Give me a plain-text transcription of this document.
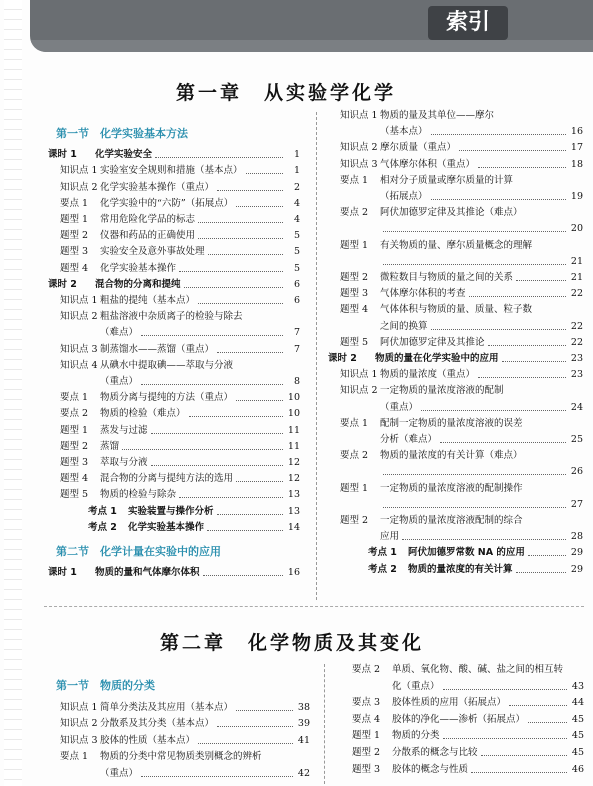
索引
第一章　从实验学化学
第二章　化学物质及其变化
第一节　化学实验基本方法
课时 1	化学实验安全	1
知识点 1 实验室安全规则和措施（基本点）	1
知识点 2 化学实验基本操作（重点）	2
要点 1	化学实验中的“六防”（拓展点）	4
题型 1	常用危险化学品的标志	4
题型 2	仪器和药品的正确使用	5
题型 3	实验安全及意外事故处理	5
题型 4	化学实验基本操作	5
课时 2	混合物的分离和提纯	6
知识点 1 粗盐的提纯（基本点）	6
知识点 2 粗盐溶液中杂质离子的检验与除去
（难点）	7
知识点 3 制蒸馏水——蒸馏（重点）	7
知识点 4 从碘水中提取碘——萃取与分液
（重点）	8
要点 1	物质分离与提纯的方法（重点）	10
要点 2	物质的检验（难点）	10
题型 1	蒸发与过滤	11
题型 2	蒸馏	11
题型 3	萃取与分液	12
题型 4	混合物的分离与提纯方法的选用	12
题型 5	物质的检验与除杂	13
考点 1	实验装置与操作分析	13
考点 2	化学实验基本操作	14
第二节　化学计量在实验中的应用
课时 1	物质的量和气体摩尔体积	16
知识点 1 物质的量及其单位——摩尔
（基本点）	16
知识点 2 摩尔质量（重点）	17
知识点 3 气体摩尔体积（重点）	18
要点 1	相对分子质量或摩尔质量的计算
（拓展点）	19
要点 2	阿伏加德罗定律及其推论（难点）
20
题型 1	有关物质的量、摩尔质量概念的理解
21
题型 2	微粒数目与物质的量之间的关系	21
题型 3	气体摩尔体积的考查	22
题型 4	气体体积与物质的量、质量、粒子数
之间的换算	22
题型 5	阿伏加德罗定律及其推论	22
课时 2	物质的量在化学实验中的应用	23
知识点 1 物质的量浓度（重点）	23
知识点 2 一定物质的量浓度溶液的配制
（重点）	24
要点 1	配制一定物质的量浓度溶液的误差
分析（难点）	25
要点 2	物质的量浓度的有关计算（难点）
26
题型 1	一定物质的量浓度溶液的配制操作
27
题型 2	一定物质的量浓度溶液配制的综合
应用	28
考点 1	阿伏加德罗常数 NA 的应用	29
考点 2	物质的量浓度的有关计算	29
第一节　物质的分类
知识点 1 简单分类法及其应用（基本点）	38
知识点 2 分散系及其分类（基本点）	39
知识点 3 胶体的性质（基本点）	41
要点 1	物质的分类中常见物质类别概念的辨析
（重点）	42
要点 2	单质、氧化物、酸、碱、盐之间的相互转
化（重点）	43
要点 3	胶体性质的应用（拓展点）	44
要点 4	胶体的净化——渗析（拓展点）	45
题型 1	物质的分类	45
题型 2	分散系的概念与比较	45
题型 3	胶体的概念与性质	46
